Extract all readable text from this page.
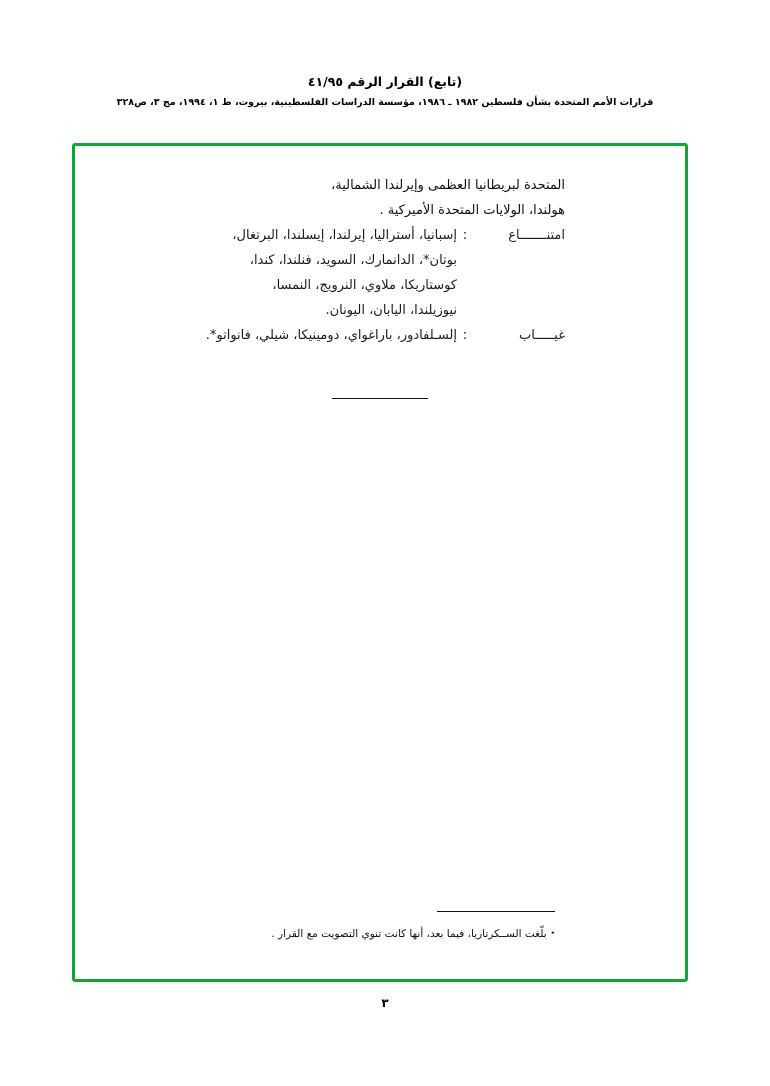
(تابع) القرار الرقم ٤١/٩٥
قرارات الأمم المتحدة بشأن فلسطين ١٩٨٢ ـ ١٩٨٦، مؤسسة الدراسات الفلسطينية، بيروت، ط ١، ١٩٩٤، مج ٣، ص٣٢٨
المتحدة لبريطانيا العظمى وإيرلندا الشمالية،
هولندا، الولايات المتحدة الأميركية .
امتنـــــــاع
:
إسبانيا، أستراليا، إيرلندا، إيسلندا، البرتغال،
بوتان*، الدانمارك، السويد، فنلندا، كندا،
كوستاريكا، ملاوي، النرويج، النمسا،
نيوزيلندا، اليابان، اليونان.
غيـــــاب
:
إلسـلفادور، باراغواي، دومينيكا، شيلي، فانواتو*.
٭بلّغت الســكرتاريا، فيما بعد، أنها كانت تنوي التصويت مع القرار .
٣
